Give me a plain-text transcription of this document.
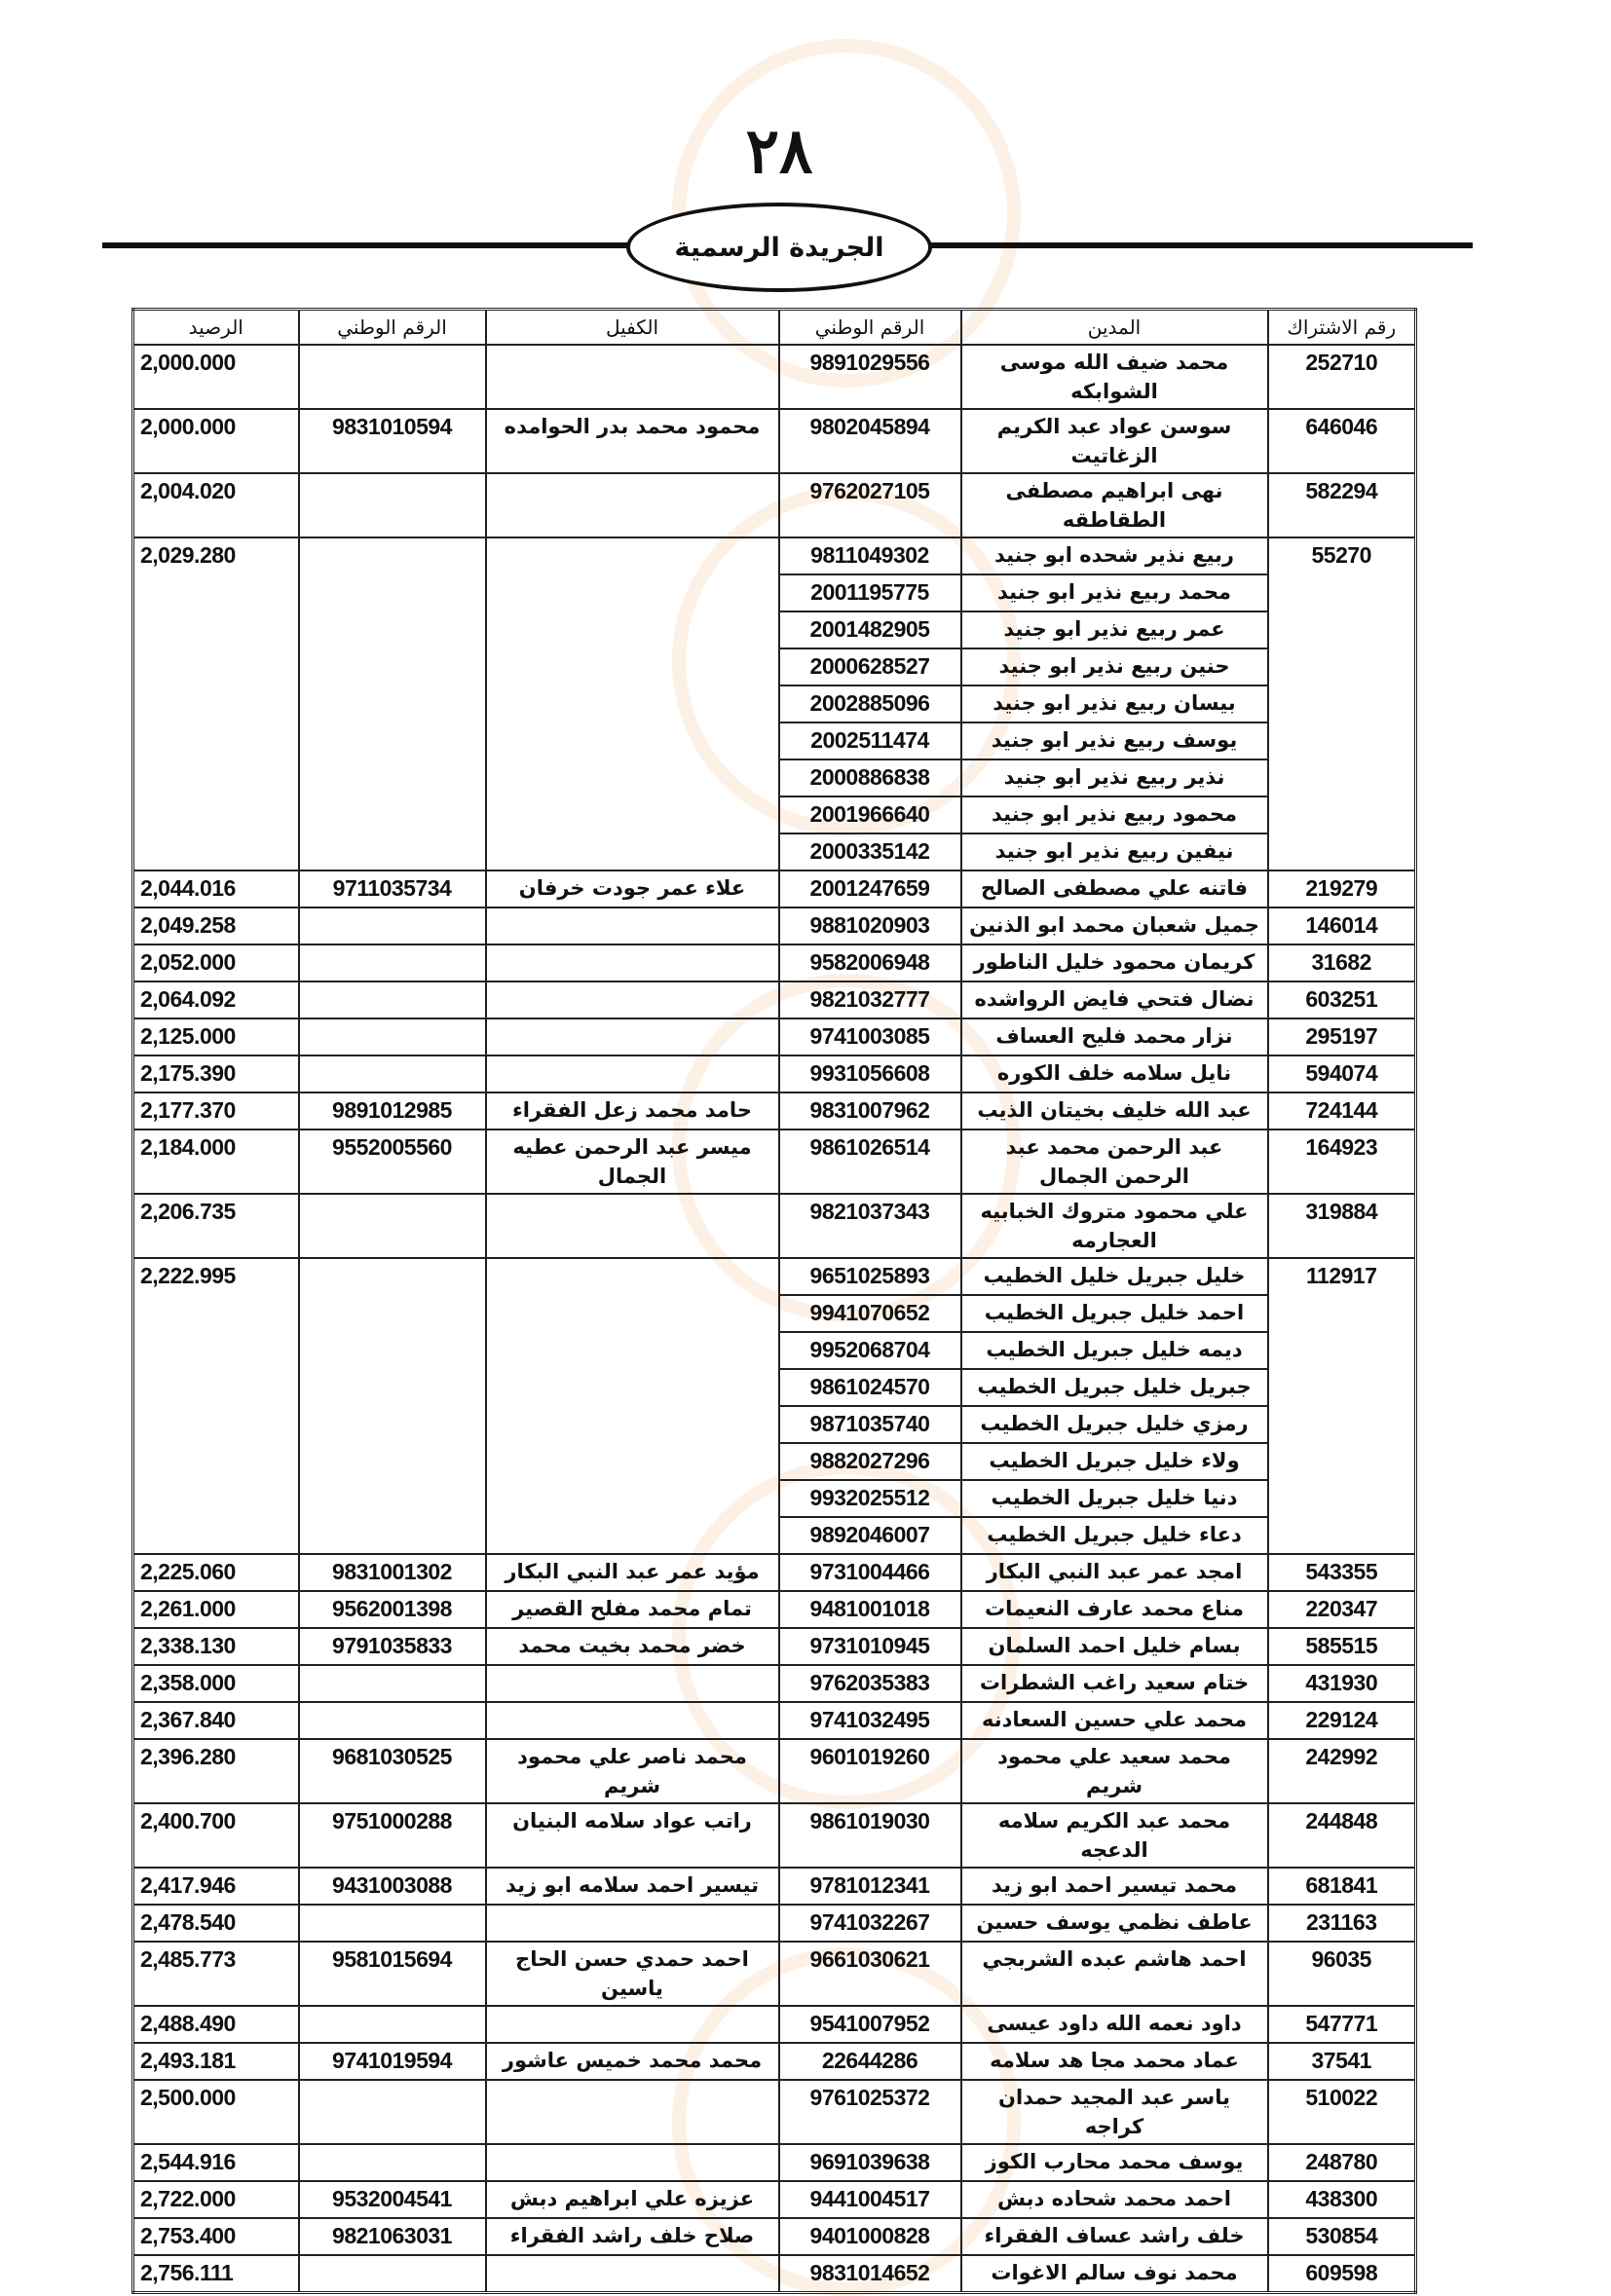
٢٨
الجريدة الرسمية
رقم الاشتراك	المدين	الرقم الوطني	الكفيل	الرقم الوطني	الرصيد
252710	محمد ضيف الله موسى الشوابكه	9891029556			2,000.000
646046	سوسن عواد عبد الكريم الزغاتيت	9802045894	محمود محمد بدر الحوامده	9831010594	2,000.000
582294	نهى ابراهيم مصطفى الطقاطقه	9762027105			2,004.020
55270	ربيع نذير شحده ابو جنيد	9811049302			2,029.280
	محمد ربيع نذير ابو جنيد	2001195775			
	عمر ربيع نذير ابو جنيد	2001482905			
	حنين ربيع نذير ابو جنيد	2000628527			
	بيسان ربيع نذير ابو جنيد	2002885096			
	يوسف ربيع نذير ابو جنيد	2002511474			
	نذير ربيع نذير ابو جنيد	2000886838			
	محمود ربيع نذير ابو جنيد	2001966640			
	نيفين ربيع نذير ابو جنيد	2000335142			
219279	فاتنه علي مصطفى الصالح	2001247659	علاء عمر جودت خرفان	9711035734	2,044.016
146014	جميل شعبان محمد ابو الذنين	9881020903			2,049.258
31682	كريمان محمود خليل الناطور	9582006948			2,052.000
603251	نضال فتحي فايض الرواشده	9821032777			2,064.092
295197	نزار محمد فليح العساف	9741003085			2,125.000
594074	نايل سلامه خلف الكوره	9931056608			2,175.390
724144	عبد الله خليف بخيتان الذيب	9831007962	حامد محمد زعل الفقراء	9891012985	2,177.370
164923	عبد الرحمن محمد عبد الرحمن الجمال	9861026514	ميسر عبد الرحمن عطيه الجمال	9552005560	2,184.000
319884	علي محمود متروك الخبابيه العجارمه	9821037343			2,206.735
112917	خليل جبريل خليل الخطيب	9651025893			2,222.995
	احمد خليل جبريل الخطيب	9941070652			
	ديمه خليل جبريل الخطيب	9952068704			
	جبريل خليل جبريل الخطيب	9861024570			
	رمزي خليل جبريل الخطيب	9871035740			
	ولاء خليل جبريل الخطيب	9882027296			
	دنيا خليل جبريل الخطيب	9932025512			
	دعاء خليل جبريل الخطيب	9892046007			
543355	امجد عمر عبد النبي البكار	9731004466	مؤيد عمر عبد النبي البكار	9831001302	2,225.060
220347	مناع محمد عارف النعيمات	9481001018	تمام محمد مفلح القصير	9562001398	2,261.000
585515	بسام خليل احمد السلمان	9731010945	خضر محمد بخيت محمد	9791035833	2,338.130
431930	ختام سعيد راغب الشطرات	9762035383			2,358.000
229124	محمد علي حسين السعادنه	9741032495			2,367.840
242992	محمد سعيد علي محمود شريم	9601019260	محمد ناصر علي محمود شريم	9681030525	2,396.280
244848	محمد عبد الكريم سلامه الدعجه	9861019030	راتب عواد سلامه البنيان	9751000288	2,400.700
681841	محمد تيسير احمد ابو زيد	9781012341	تيسير احمد سلامه ابو زيد	9431003088	2,417.946
231163	عاطف نظمي يوسف حسين	9741032267			2,478.540
96035	احمد هاشم عبده الشربجي	9661030621	احمد حمدي حسن الحاج ياسين	9581015694	2,485.773
547771	داود نعمه الله داود عيسى	9541007952			2,488.490
37541	عماد محمد مجا هد سلامه	22644286	محمد محمد خميس عاشور	9741019594	2,493.181
510022	ياسر عبد المجيد حمدان كراجه	9761025372			2,500.000
248780	يوسف محمد محارب الكوز	9691039638			2,544.916
438300	احمد محمد شحاده دبش	9441004517	عزيزه علي ابراهيم دبش	9532004541	2,722.000
530854	خلف راشد عساف الفقراء	9401000828	صلاح خلف راشد الفقراء	9821063031	2,753.400
609598	محمد نوف سالم الاغوات	9831014652			2,756.111
